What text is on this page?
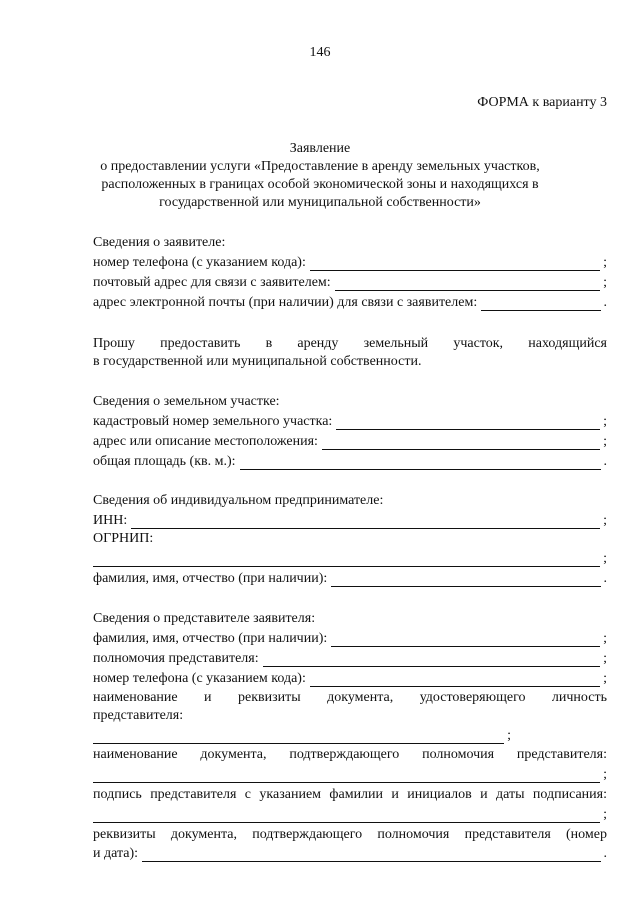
146
ФОРМА к варианту 3
Заявление
о предоставлении услуги «Предоставление в аренду земельных участков,
расположенных в границах особой экономической зоны и находящихся в
государственной или муниципальной собственности»
Сведения о заявителе:
номер телефона (с указанием кода):	;
почтовый адрес для связи с заявителем:	;
адрес электронной почты (при наличии) для связи с заявителем:	.
Прошу предоставить в аренду земельный участок, находящийся
в государственной или муниципальной собственности.
Сведения о земельном участке:
кадастровый номер земельного участка:	;
адрес или описание местоположения:	;
общая площадь (кв. м.):	.
Сведения об индивидуальном предпринимателе:
ИНН:	;
ОГРНИП:
;
фамилия, имя, отчество (при наличии):	.
Сведения о представителе заявителя:
фамилия, имя, отчество (при наличии):	;
полномочия представителя:	;
номер телефона (с указанием кода):	;
наименование и реквизиты документа, удостоверяющего личность
представителя:
;
наименование документа, подтверждающего полномочия представителя:
;
подпись представителя с указанием фамилии и инициалов и даты подписания:
;
реквизиты документа, подтверждающего полномочия представителя (номер
и дата):	.
